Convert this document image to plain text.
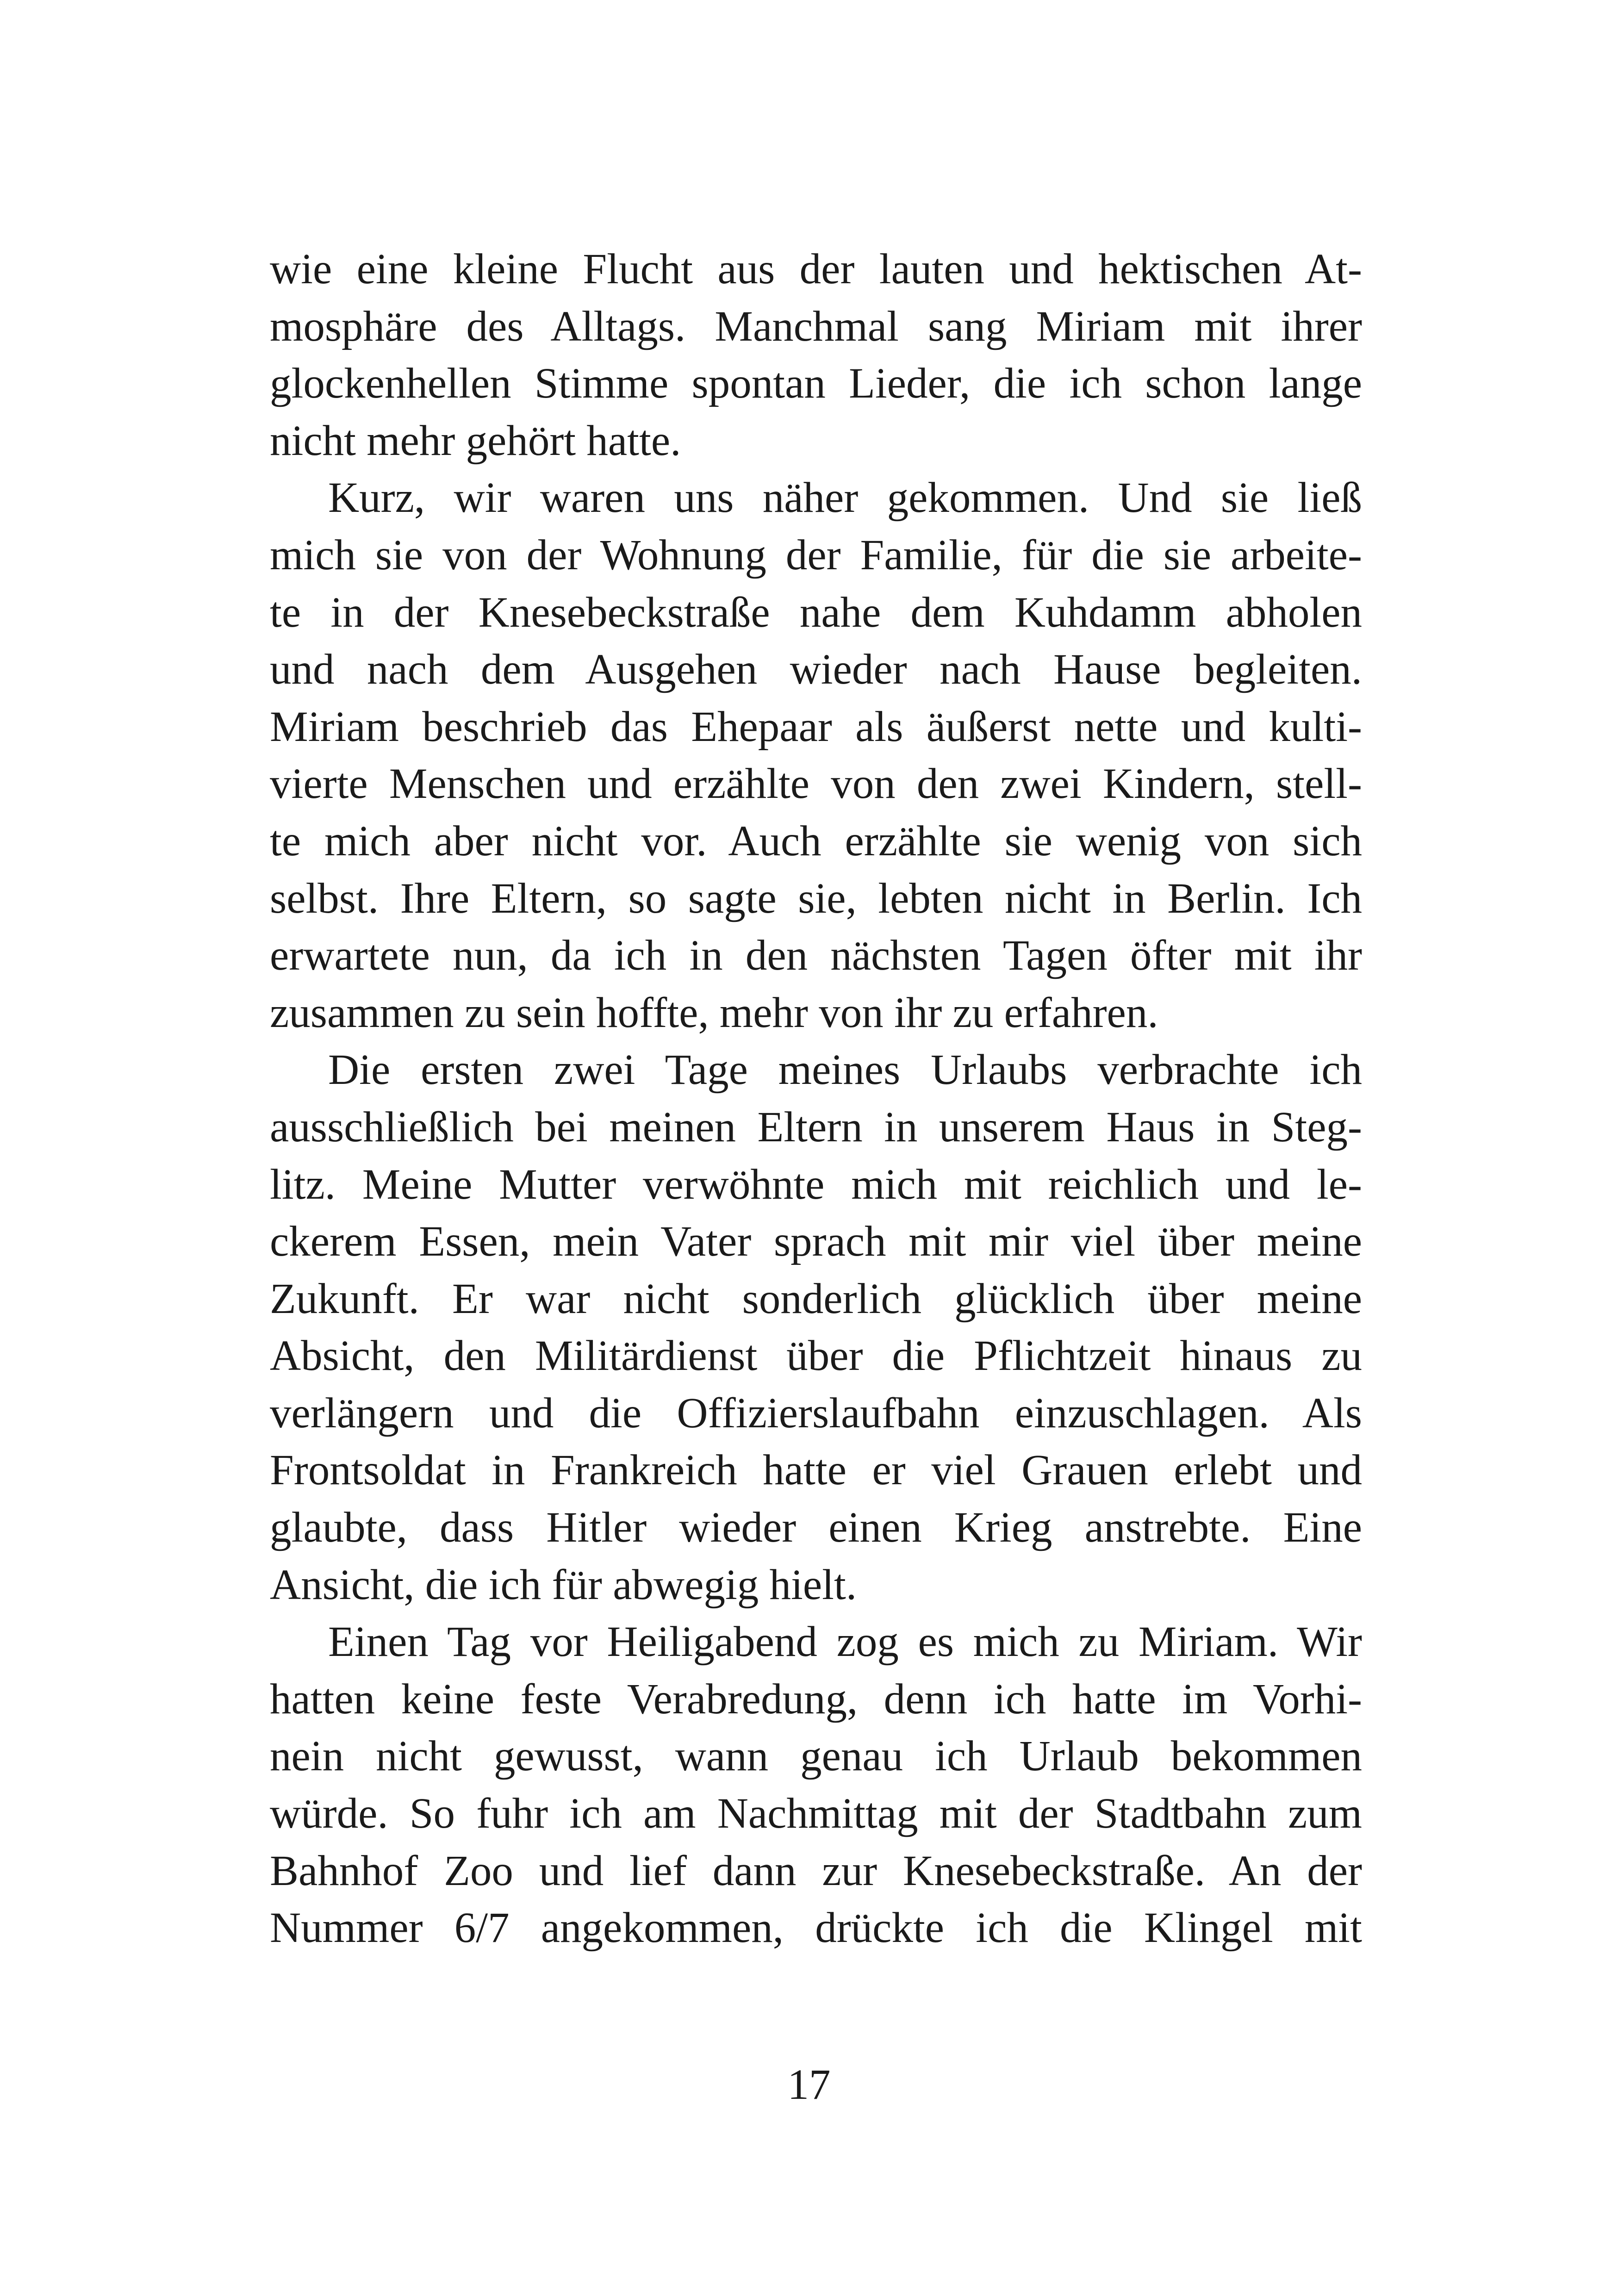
wie eine kleine Flucht aus der lauten und hektischen At-
mosphäre des Alltags. Manchmal sang Miriam mit ihrer
glockenhellen Stimme spontan Lieder, die ich schon lange
nicht mehr gehört hatte.
Kurz, wir waren uns näher gekommen. Und sie ließ
mich sie von der Wohnung der Familie, für die sie arbeite-
te in der Knesebeckstraße nahe dem Kuhdamm abholen
und nach dem Ausgehen wieder nach Hause begleiten.
Miriam beschrieb das Ehepaar als äußerst nette und kulti-
vierte Menschen und erzählte von den zwei Kindern, stell-
te mich aber nicht vor. Auch erzählte sie wenig von sich
selbst. Ihre Eltern, so sagte sie, lebten nicht in Berlin. Ich
erwartete nun, da ich in den nächsten Tagen öfter mit ihr
zusammen zu sein hoffte, mehr von ihr zu erfahren.
Die ersten zwei Tage meines Urlaubs verbrachte ich
ausschließlich bei meinen Eltern in unserem Haus in Steg-
litz. Meine Mutter verwöhnte mich mit reichlich und le-
ckerem Essen, mein Vater sprach mit mir viel über meine
Zukunft. Er war nicht sonderlich glücklich über meine
Absicht, den Militärdienst über die Pflichtzeit hinaus zu
verlängern und die Offizierslaufbahn einzuschlagen. Als
Frontsoldat in Frankreich hatte er viel Grauen erlebt und
glaubte, dass Hitler wieder einen Krieg anstrebte. Eine
Ansicht, die ich für abwegig hielt.
Einen Tag vor Heiligabend zog es mich zu Miriam. Wir
hatten keine feste Verabredung, denn ich hatte im Vorhi-
nein nicht gewusst, wann genau ich Urlaub bekommen
würde. So fuhr ich am Nachmittag mit der Stadtbahn zum
Bahnhof Zoo und lief dann zur Knesebeckstraße. An der
Nummer 6/7 angekommen, drückte ich die Klingel mit
17
